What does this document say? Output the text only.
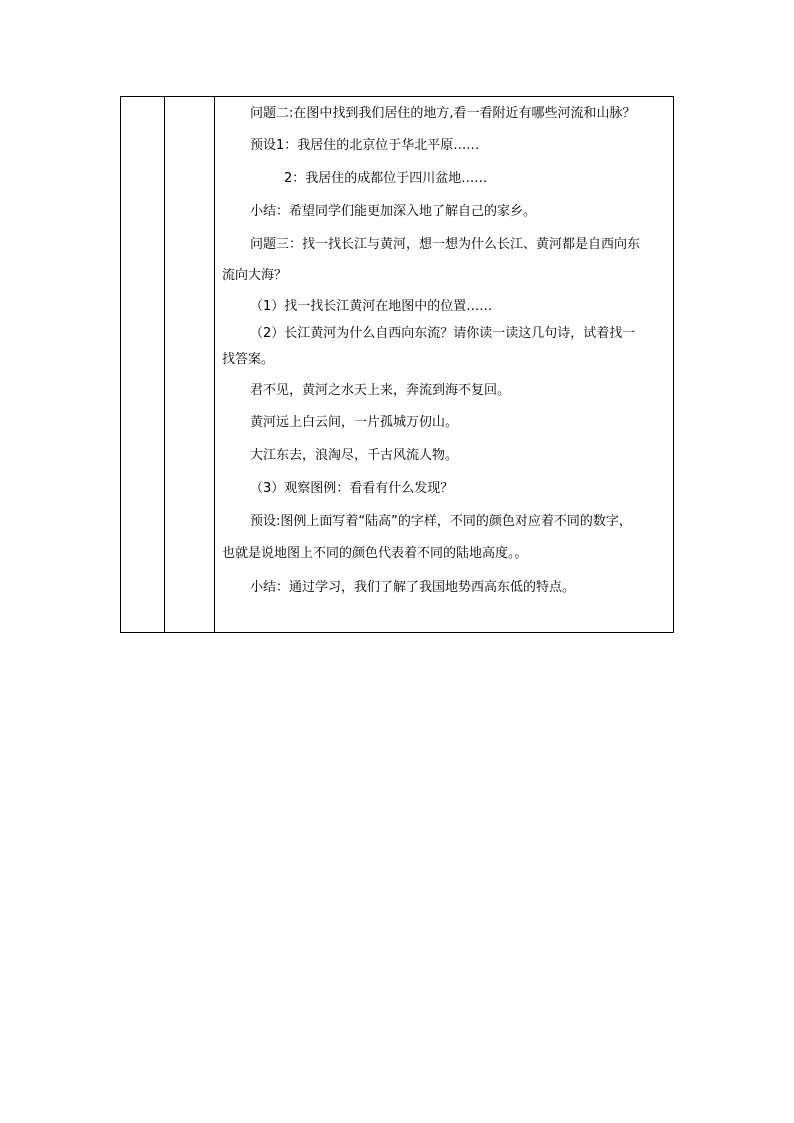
问题二:在图中找到我们居住的地方,看一看附近有哪些河流和山脉？
预设1：我居住的北京位于华北平原……
2：我居住的成都位于四川盆地……
小结：希望同学们能更加深入地了解自己的家乡。
问题三：找一找长江与黄河，想一想为什么长江、黄河都是自西向东
流向大海？
（1）找一找长江黄河在地图中的位置……
（2）长江黄河为什么自西向东流？请你读一读这几句诗，试着找一
找答案。
君不见，黄河之水天上来，奔流到海不复回。
黄河远上白云间，一片孤城万仞山。
大江东去，浪淘尽，千古风流人物。
（3）观察图例：看看有什么发现？
预设:图例上面写着“陆高”的字样，不同的颜色对应着不同的数字，
也就是说地图上不同的颜色代表着不同的陆地高度。。
小结：通过学习，我们了解了我国地势西高东低的特点。
